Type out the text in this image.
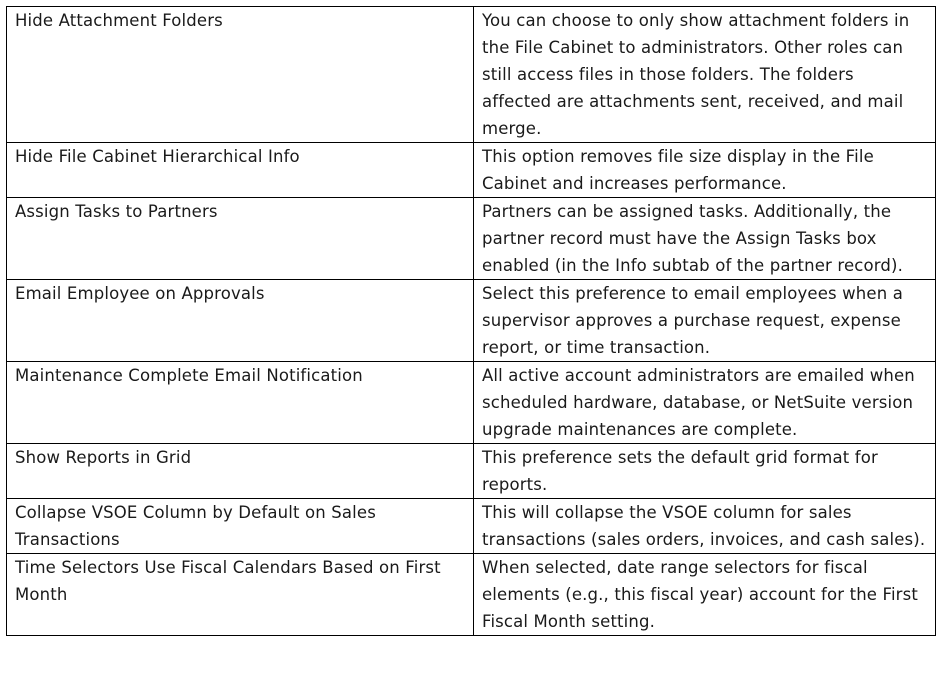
Hide Attachment Folders	You can choose to only show attachment folders in the File Cabinet to administrators. Other roles can still access files in those folders. The folders affected are attachments sent, received, and mail merge.
Hide File Cabinet Hierarchical Info	This option removes file size display in the File Cabinet and increases performance.
Assign Tasks to Partners	Partners can be assigned tasks. Additionally, the partner record must have the Assign Tasks box enabled (in the Info subtab of the partner record).
Email Employee on Approvals	Select this preference to email employees when a supervisor approves a purchase request, expense report, or time transaction.
Maintenance Complete Email Notification	All active account administrators are emailed when scheduled hardware, database, or NetSuite version upgrade maintenances are complete.
Show Reports in Grid	This preference sets the default grid format for reports.
Collapse VSOE Column by Default on Sales Transactions	This will collapse the VSOE column for sales transactions (sales orders, invoices, and cash sales).
Time Selectors Use Fiscal Calendars Based on First Month	When selected, date range selectors for fiscal elements (e.g., this fiscal year) account for the First Fiscal Month setting.
